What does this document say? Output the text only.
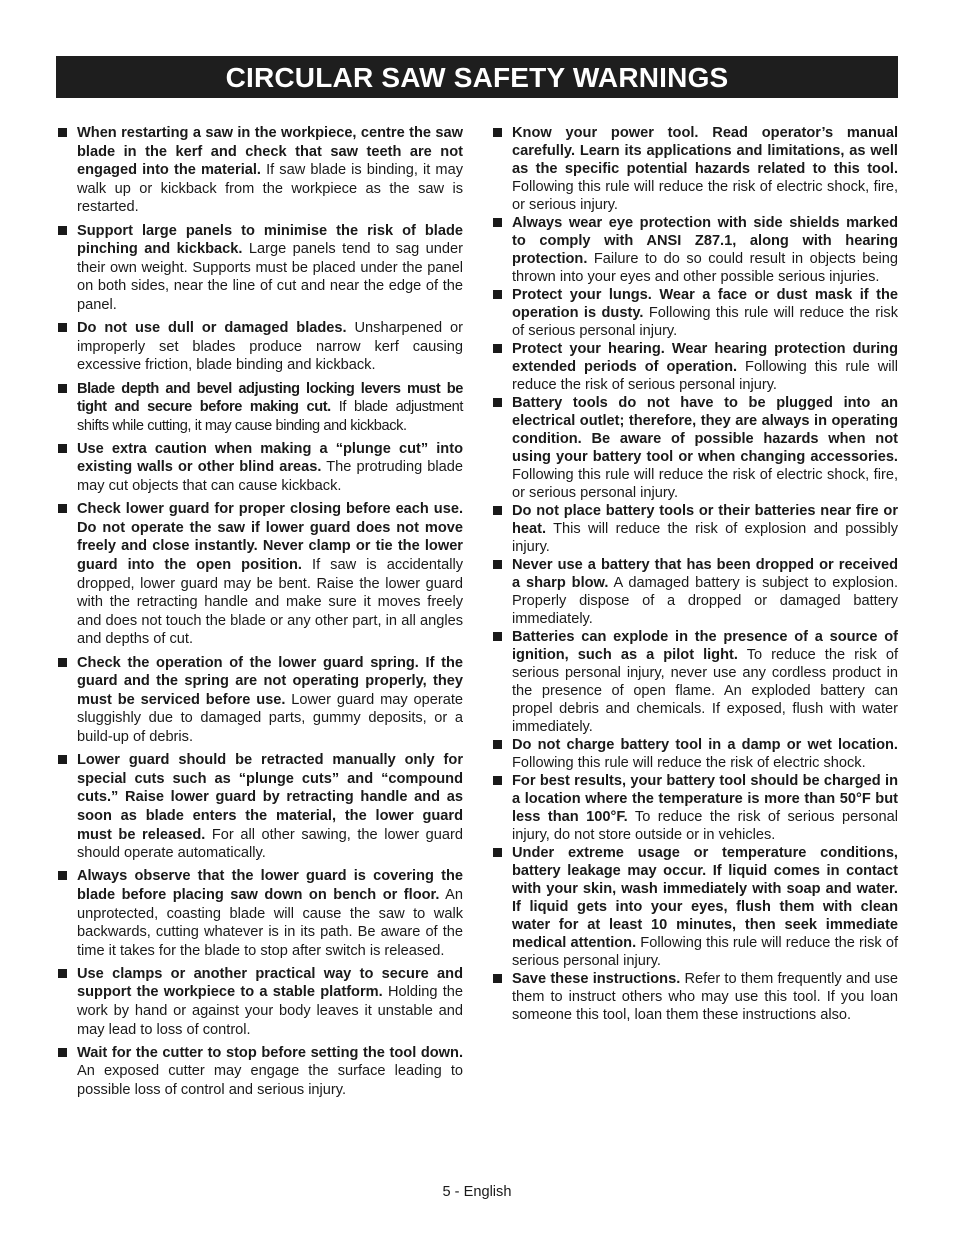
CIRCULAR SAW SAFETY WARNINGS
When restarting a saw in the workpiece, centre the saw blade in the kerf and check that saw teeth are not engaged into the material. If saw blade is binding, it may walk up or kickback from the workpiece as the saw is restarted.
Support large panels to minimise the risk of blade pinching and kickback. Large panels tend to sag under their own weight. Supports must be placed under the panel on both sides, near the line of cut and near the edge of the panel.
Do not use dull or damaged blades. Unsharpened or improperly set blades produce narrow kerf causing excessive friction, blade binding and kickback.
Blade depth and bevel adjusting locking levers must be tight and secure before making cut. If blade adjustment shifts while cutting, it may cause binding and kickback.
Use extra caution when making a “plunge cut” into existing walls or other blind areas. The protruding blade may cut objects that can cause kickback.
Check lower guard for proper closing before each use. Do not operate the saw if lower guard does not move freely and close instantly. Never clamp or tie the lower guard into the open position. If saw is accidentally dropped, lower guard may be bent. Raise the lower guard with the retracting handle and make sure it moves freely and does not touch the blade or any other part, in all angles and depths of cut.
Check the operation of the lower guard spring. If the guard and the spring are not operating properly, they must be serviced before use. Lower guard may operate sluggishly due to damaged parts, gummy deposits, or a build-up of debris.
Lower guard should be retracted manually only for special cuts such as “plunge cuts” and “compound cuts.” Raise lower guard by retracting handle and as soon as blade enters the material, the lower guard must be released. For all other sawing, the lower guard should operate automatically.
Always observe that the lower guard is covering the blade before placing saw down on bench or floor. An unprotected, coasting blade will cause the saw to walk backwards, cutting whatever is in its path. Be aware of the time it takes for the blade to stop after switch is released.
Use clamps or another practical way to secure and support the workpiece to a stable platform. Holding the work by hand or against your body leaves it unstable and may lead to loss of control.
Wait for the cutter to stop before setting the tool down. An exposed cutter may engage the surface leading to possible loss of control and serious injury.
Know your power tool. Read operator’s manual carefully. Learn its applications and limitations, as well as the specific potential hazards related to this tool. Following this rule will reduce the risk of electric shock, fire, or serious injury.
Always wear eye protection with side shields marked to comply with ANSI Z87.1, along with hearing protection. Failure to do so could result in objects being thrown into your eyes and other possible serious injuries.
Protect your lungs. Wear a face or dust mask if the operation is dusty. Following this rule will reduce the risk of serious personal injury.
Protect your hearing. Wear hearing protection during extended periods of operation. Following this rule will reduce the risk of serious personal injury.
Battery tools do not have to be plugged into an electrical outlet; therefore, they are always in operating condition. Be aware of possible hazards when not using your battery tool or when changing accessories. Following this rule will reduce the risk of electric shock, fire, or serious personal injury.
Do not place battery tools or their batteries near fire or heat. This will reduce the risk of explosion and possibly injury.
Never use a battery that has been dropped or received a sharp blow. A damaged battery is subject to explosion. Properly dispose of a dropped or damaged battery immediately.
Batteries can explode in the presence of a source of ignition, such as a pilot light. To reduce the risk of serious personal injury, never use any cordless product in the presence of open flame. An exploded battery can propel debris and chemicals. If exposed, flush with water immediately.
Do not charge battery tool in a damp or wet location. Following this rule will reduce the risk of electric shock.
For best results, your battery tool should be charged in a location where the temperature is more than 50°F but less than 100°F. To reduce the risk of serious personal injury, do not store outside or in vehicles.
Under extreme usage or temperature conditions, battery leakage may occur. If liquid comes in contact with your skin, wash immediately with soap and water. If liquid gets into your eyes, flush them with clean water for at least 10 minutes, then seek immediate medical attention. Following this rule will reduce the risk of serious personal injury.
Save these instructions. Refer to them frequently and use them to instruct others who may use this tool. If you loan someone this tool, loan them these instructions also.
5 - English
